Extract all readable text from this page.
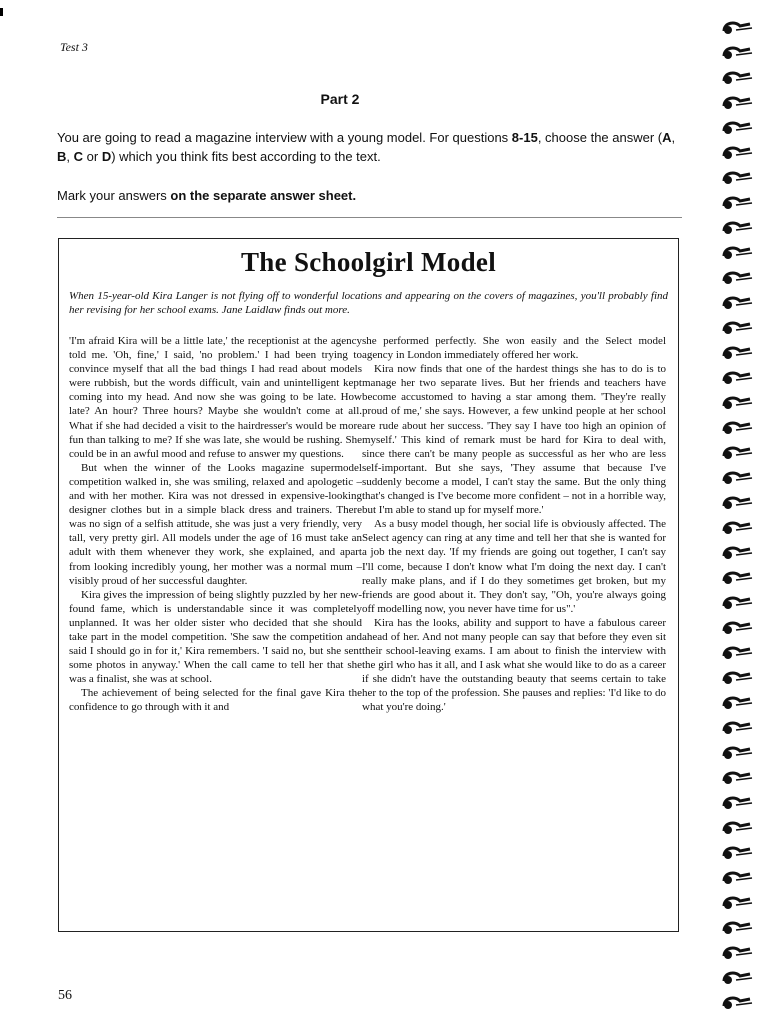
Test 3
Part 2
You are going to read a magazine interview with a young model. For questions 8-15, choose the answer (A, B, C or D) which you think fits best according to the text.
Mark your answers on the separate answer sheet.
The Schoolgirl Model
When 15-year-old Kira Langer is not flying off to wonderful locations and appearing on the covers of magazines, you'll probably find her revising for her school exams. Jane Laidlaw finds out more.

'I'm afraid Kira will be a little late,' the receptionist at the agency told me. 'Oh, fine,' I said, 'no problem.' I had been trying to convince myself that all the bad things I had read about models were rubbish, but the words difficult, vain and unintelligent kept coming into my head. And now she was going to be late. How late? An hour? Three hours? Maybe she wouldn't come at all. What if she had decided a visit to the hairdresser's would be more fun than talking to me? If she was late, she would be rushing. She could be in an awful mood and refuse to answer my questions.

But when the winner of the Looks magazine supermodel competition walked in, she was smiling, relaxed and apologetic – and with her mother. Kira was not dressed in expensive-looking designer clothes but in a simple black dress and trainers. There was no sign of a selfish attitude, she was just a very friendly, very tall, very pretty girl. All models under the age of 16 must take an adult with them whenever they work, she explained, and apart from looking incredibly young, her mother was a normal mum – visibly proud of her successful daughter.

Kira gives the impression of being slightly puzzled by her new-found fame, which is understandable since it was completely unplanned. It was her older sister who decided that she should take part in the model competition. 'She saw the competition and said I should go in for it,' Kira remembers. 'I said no, but she sent some photos in anyway.' When the call came to tell her that she was a finalist, she was at school.

The achievement of being selected for the final gave Kira the confidence to go through with it and

she performed perfectly. She won easily and the Select model agency in London immediately offered her work.

Kira now finds that one of the hardest things she has to do is to manage her two separate lives. But her friends and teachers have become accustomed to having a star among them. 'They're really proud of me,' she says. However, a few unkind people at her school are rude about her success. 'They say I have too high an opinion of myself.' This kind of remark must be hard for Kira to deal with, since there can't be many people as successful as her who are less self-important. But she says, 'They assume that because I've suddenly become a model, I can't stay the same. But the only thing that's changed is I've become more confident – not in a horrible way, but I'm able to stand up for myself more.'

As a busy model though, her social life is obviously affected. The Select agency can ring at any time and tell her that she is wanted for a job the next day. 'If my friends are going out together, I can't say I'll come, because I don't know what I'm doing the next day. I can't really make plans, and if I do they sometimes get broken, but my friends are good about it. They don't say, "Oh, you're always going off modelling now, you never have time for us".'

Kira has the looks, ability and support to have a fabulous career ahead of her. And not many people can say that before they even sit their school-leaving exams. I am about to finish the interview with the girl who has it all, and I ask what she would like to do as a career if she didn't have the outstanding beauty that seems certain to take her to the top of the profession. She pauses and replies: 'I'd like to do what you're doing.'

56
